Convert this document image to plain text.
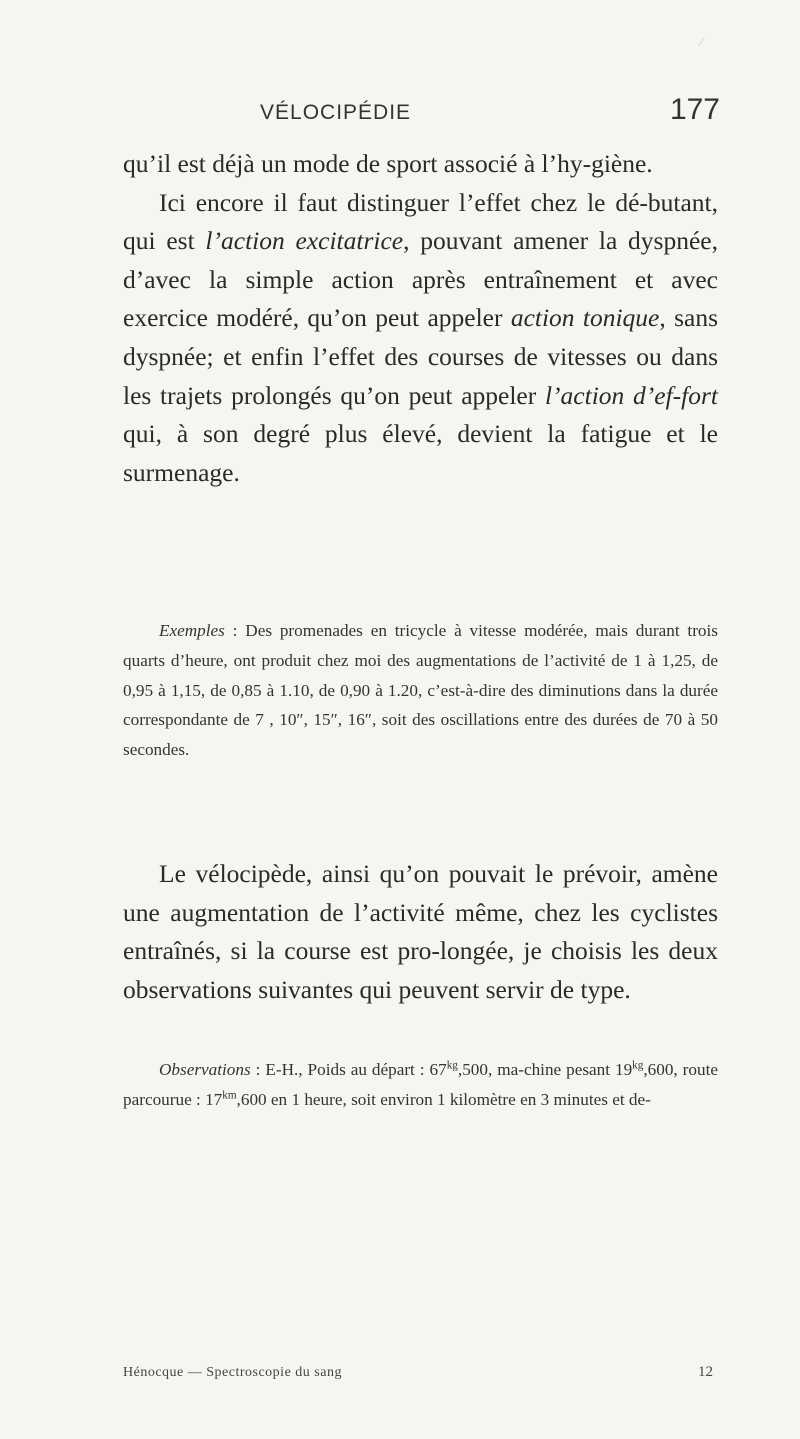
⁄
VÉLOCIPÉDIE	177

qu’il est déjà un mode de sport associé à l’hy-giène.

Ici encore il faut distinguer l’effet chez le dé-butant, qui est l’action excitatrice, pouvant amener la dyspnée, d’avec la simple action après entraînement et avec exercice modéré, qu’on peut appeler action tonique, sans dyspnée; et enfin l’effet des courses de vitesses ou dans les trajets prolongés qu’on peut appeler l’action d’ef-fort qui, à son degré plus élevé, devient la fatigue et le surmenage.

Exemples : Des promenades en tricycle à vitesse modérée, mais durant trois quarts d’heure, ont produit chez moi des augmentations de l’activité de 1 à 1,25, de 0,95 à 1,15, de 0,85 à 1.10, de 0,90 à 1.20, c’est-à-dire des diminutions dans la durée correspondante de 7 , 10″, 15″, 16″, soit des oscillations entre des durées de 70 à 50 secondes.

Le vélocipède, ainsi qu’on pouvait le prévoir, amène une augmentation de l’activité même, chez les cyclistes entraînés, si la course est pro-longée, je choisis les deux observations suivantes qui peuvent servir de type.

Observations : E-H., Poids au départ : $67^{kg},500$, ma-chine pesant $19^{kg},600$, route parcourue : $17^{km},600$ en 1 heure, soit environ 1 kilomètre en 3 minutes et de-

Hénocque — Spectroscopie du sang	12
